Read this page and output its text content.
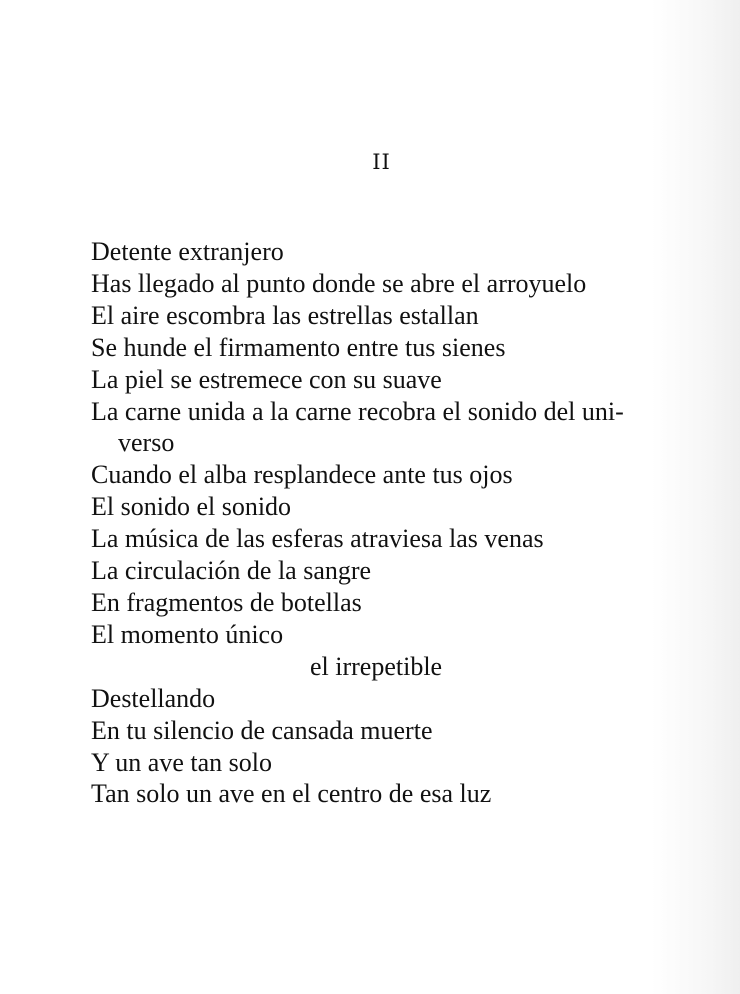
II
Detente extranjero
Has llegado al punto donde se abre el arroyuelo
El aire escombra las estrellas estallan
Se hunde el firmamento entre tus sienes
La piel se estremece con su suave
La carne unida a la carne recobra el sonido del uni-
verso
Cuando el alba resplandece ante tus ojos
El sonido el sonido
La música de las esferas atraviesa las venas
La circulación de la sangre
En fragmentos de botellas
El momento único
el irrepetible
Destellando
En tu silencio de cansada muerte
Y un ave tan solo
Tan solo un ave en el centro de esa luz
